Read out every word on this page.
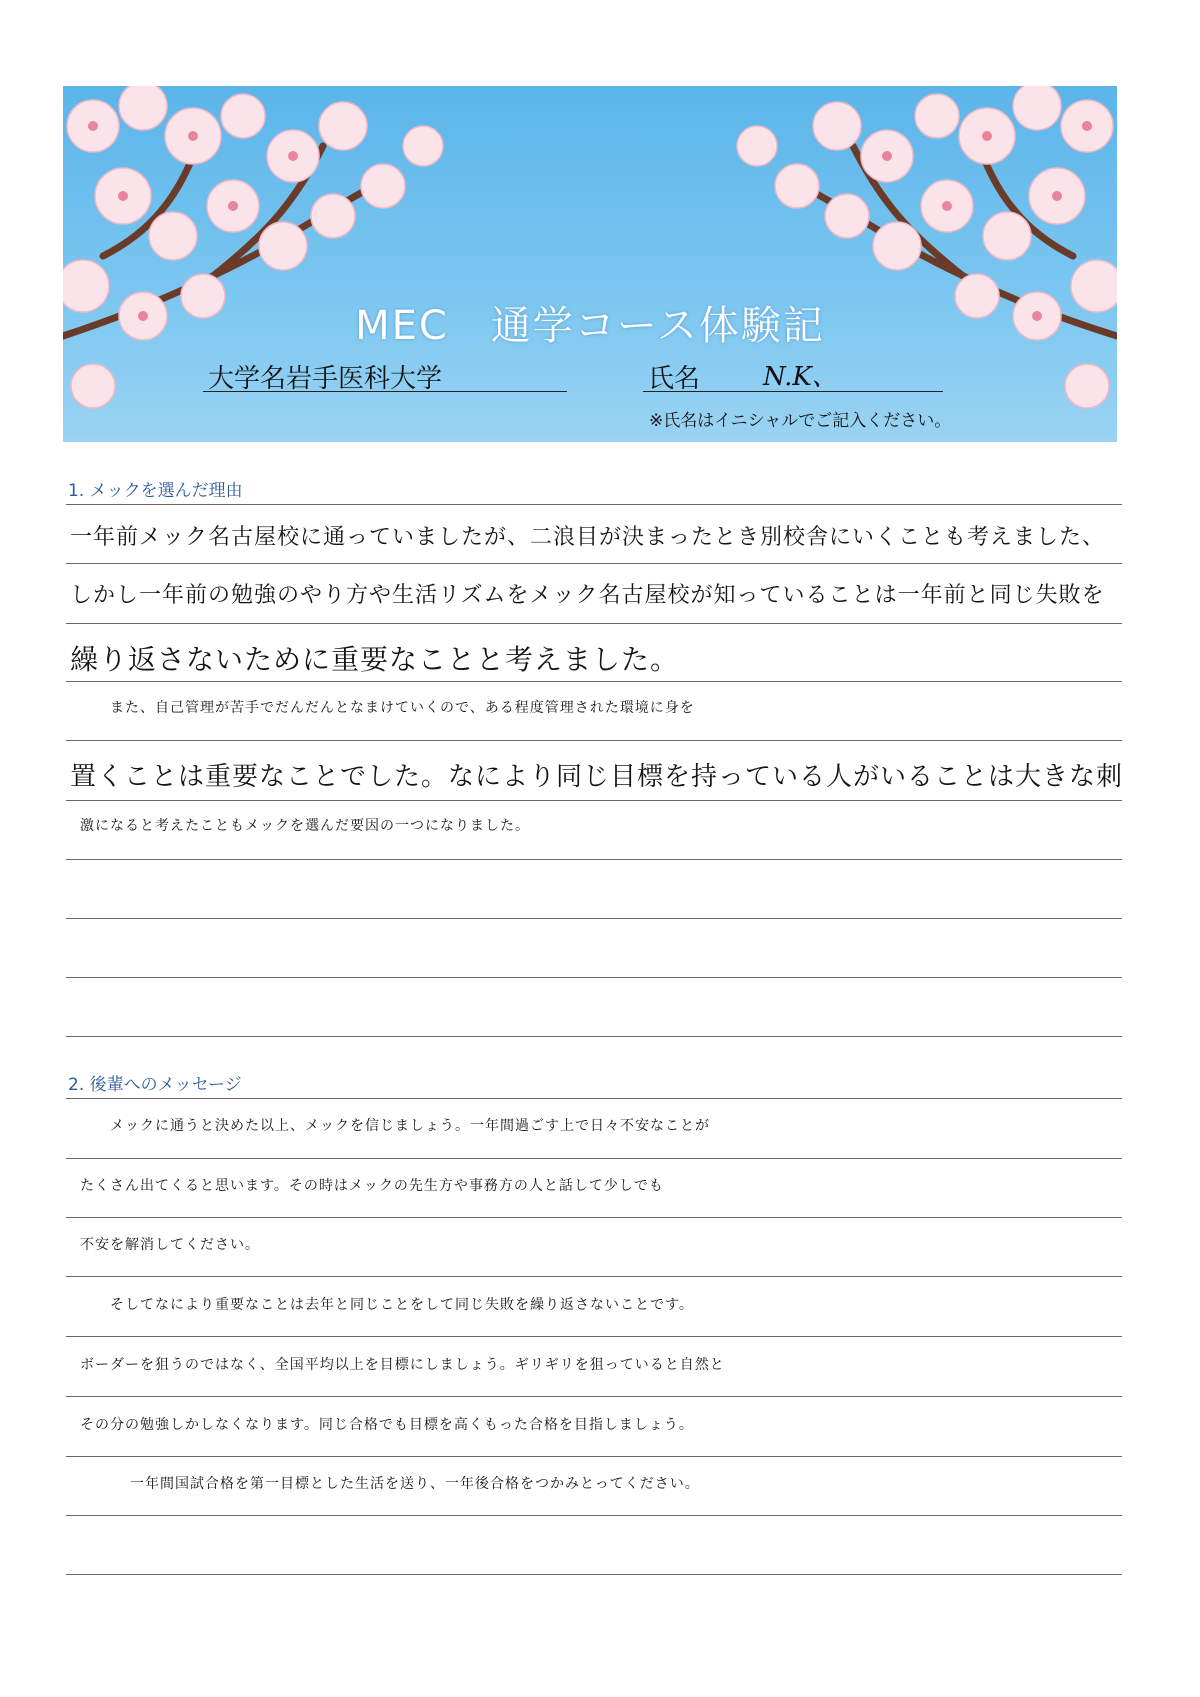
MEC　通学コース体験記
大学名岩手医科大学	氏名 N.K、
※氏名はイニシャルでご記入ください。
1. メックを選んだ理由
一年前メック名古屋校に通っていましたが、二浪目が決まったとき別校舎にいくことも考えました、
しかし一年前の勉強のやり方や生活リズムをメック名古屋校が知っていることは一年前と同じ失敗を
繰り返さないために重要なことと考えました。
また、自己管理が苦手でだんだんとなまけていくので、ある程度管理された環境に身を
置くことは重要なことでした。なにより同じ目標を持っている人がいることは大きな刺
激になると考えたこともメックを選んだ要因の一つになりました。
2. 後輩へのメッセージ
メックに通うと決めた以上、メックを信じましょう。一年間過ごす上で日々不安なことが
たくさん出てくると思います。その時はメックの先生方や事務方の人と話して少しでも
不安を解消してください。
そしてなにより重要なことは去年と同じことをして同じ失敗を繰り返さないことです。
ボーダーを狙うのではなく、全国平均以上を目標にしましょう。ギリギリを狙っていると自然と
その分の勉強しかしなくなります。同じ合格でも目標を高くもった合格を目指しましょう。
一年間国試合格を第一目標とした生活を送り、一年後合格をつかみとってください。
